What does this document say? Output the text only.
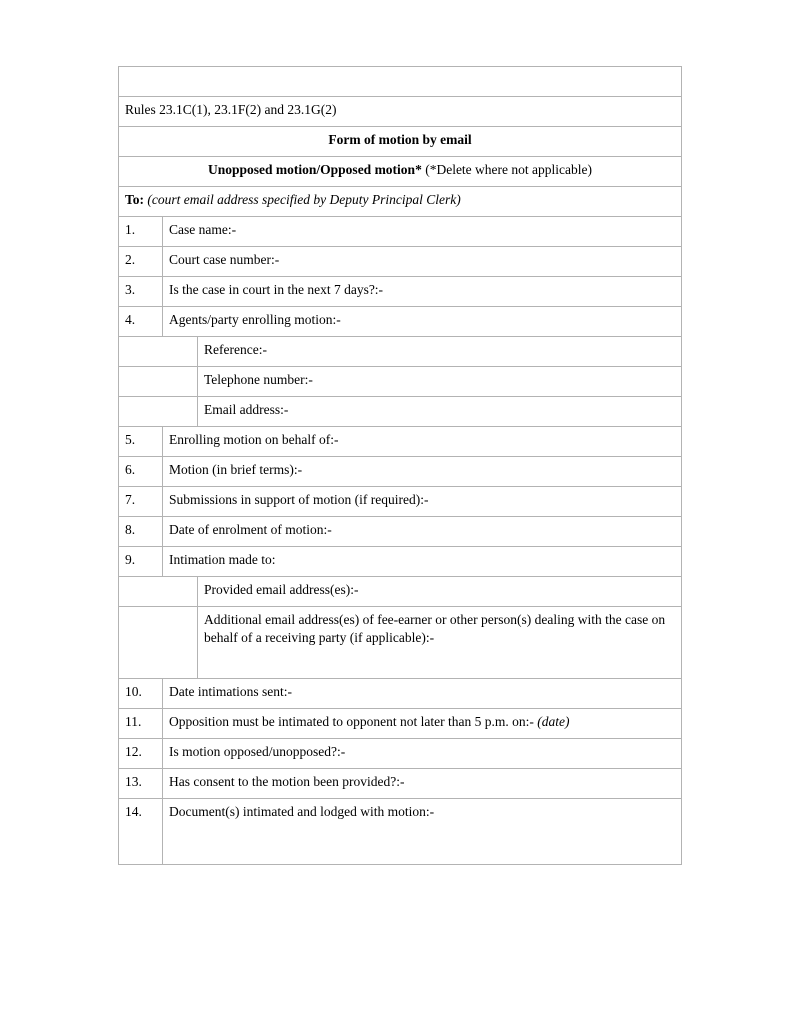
Rules 23.1C(1), 23.1F(2) and 23.1G(2)		
Form of motion by email		
Unopposed motion/Opposed motion* (*Delete where not applicable)		
To: (court email address specified by Deputy Principal Clerk)		
1.	Case name:-	
2.	Court case number:-	
3.	Is the case in court in the next 7 days?:-	
4.	Agents/party enrolling motion:-	
		Reference:-
		Telephone number:-
		Email address:-
5.	Enrolling motion on behalf of:-	
6.	Motion (in brief terms):-	
7.	Submissions in support of motion (if required):-	
8.	Date of enrolment of motion:-	
9.	Intimation made to:	
		Provided email address(es):-
		Additional email address(es) of fee-earner or other person(s) dealing with the case on behalf of a receiving party (if applicable):-
10.	Date intimations sent:-	
11.	Opposition must be intimated to opponent not later than 5 p.m. on:- (date)	
12.	Is motion opposed/unopposed?:-	
13.	Has consent to the motion been provided?:-	
14.	Document(s) intimated and lodged with motion:-	
